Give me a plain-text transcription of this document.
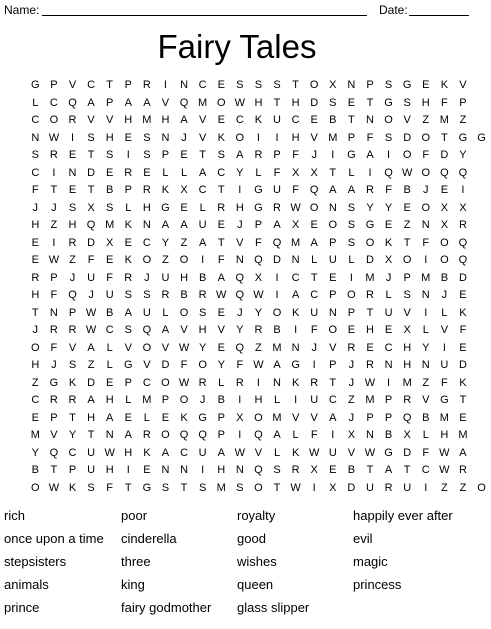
Name:	Date:
Fairy Tales
G P	V C	T	P R	I	N C E	S	S	S	T O X N P	S G E	K	V
L	C Q A	P	A	A	V Q M O W H	T	H D S	E	T G S H	F	P
C O R V	V H M H A	V	E C K U C E	B	T	N O V	Z M Z
N W	I	S H E	S N	J	V	K O	I	I	H V M P	F	S D O T G G
S R E	T	S	I	S	P	E	T	S	A R P	F	J	I	G A	I	O F	D Y
C	I	N D E R E	L	L	A C Y	L	F	X	X	T	L	I	Q W O Q Q
F	T	E	T	B	P R K	X C	T	I	G U	F Q A	A R	F	B	J	E	I
J	J	S	X	S	L	H G E	L	R H G R W O N S	Y	Y	E O X	X
H	Z	H Q M K N A	A U E	J	P	A	X	E O S G E	Z	N X R
E	I	R D X	E C Y	Z	A	T	V	F Q M A	P	S O K	T	F O Q
E W Z	F	E	K O Z O	I	F	N Q D N	L	U	L	D X O	I	O Q
R P	J	U	F	R	J	U H B	A Q X	I	C	T	E	I	M	J	P M B D
H	F Q	J	U S	S R B R W Q W	I	A C P O R	L	S N	J	E
T	N P W B	A U	L	O S	E	J	Y O K U N P	T	U V	I	L	K
J	R R W C S Q A	V H V	Y R B	I	F O E H E	X	L	V	F
O F	V	A	L	V O V W Y	E Q Z M N	J	V R E C H Y	I	E
H	J	S	Z	L	G V D	F O Y	F W A G	I	P	J	R N H N U D
Z G K D E	P C O W R	L	R	I	N K R	T	J W	I	M Z	F	K
C R R A H	L M P O	J	B	I	H	L	I	U C	Z M P R V G T
E	P	T	H A	E	L	E	K G P	X O M V	V	A	J	P	P Q B M E
M V	Y	T	N A R O Q Q P	I	Q A	L	F	I	X N B	X	L	H M
Y Q C U W H K	A C U A W V	L	K W U V W G D	F W A
B	T	P U H	I	E N N	I	H N Q S R X	E	B	T	A	T	C W R
O W K	S	F	T G S	T	S M S O T W	I	X D U R U	I	Z	Z O
rich	poor	royalty	happily ever after
once upon a time	cinderella	good	evil
stepsisters	three	wishes	magic
animals	king	queen	princess
prince	fairy godmother	glass slipper
